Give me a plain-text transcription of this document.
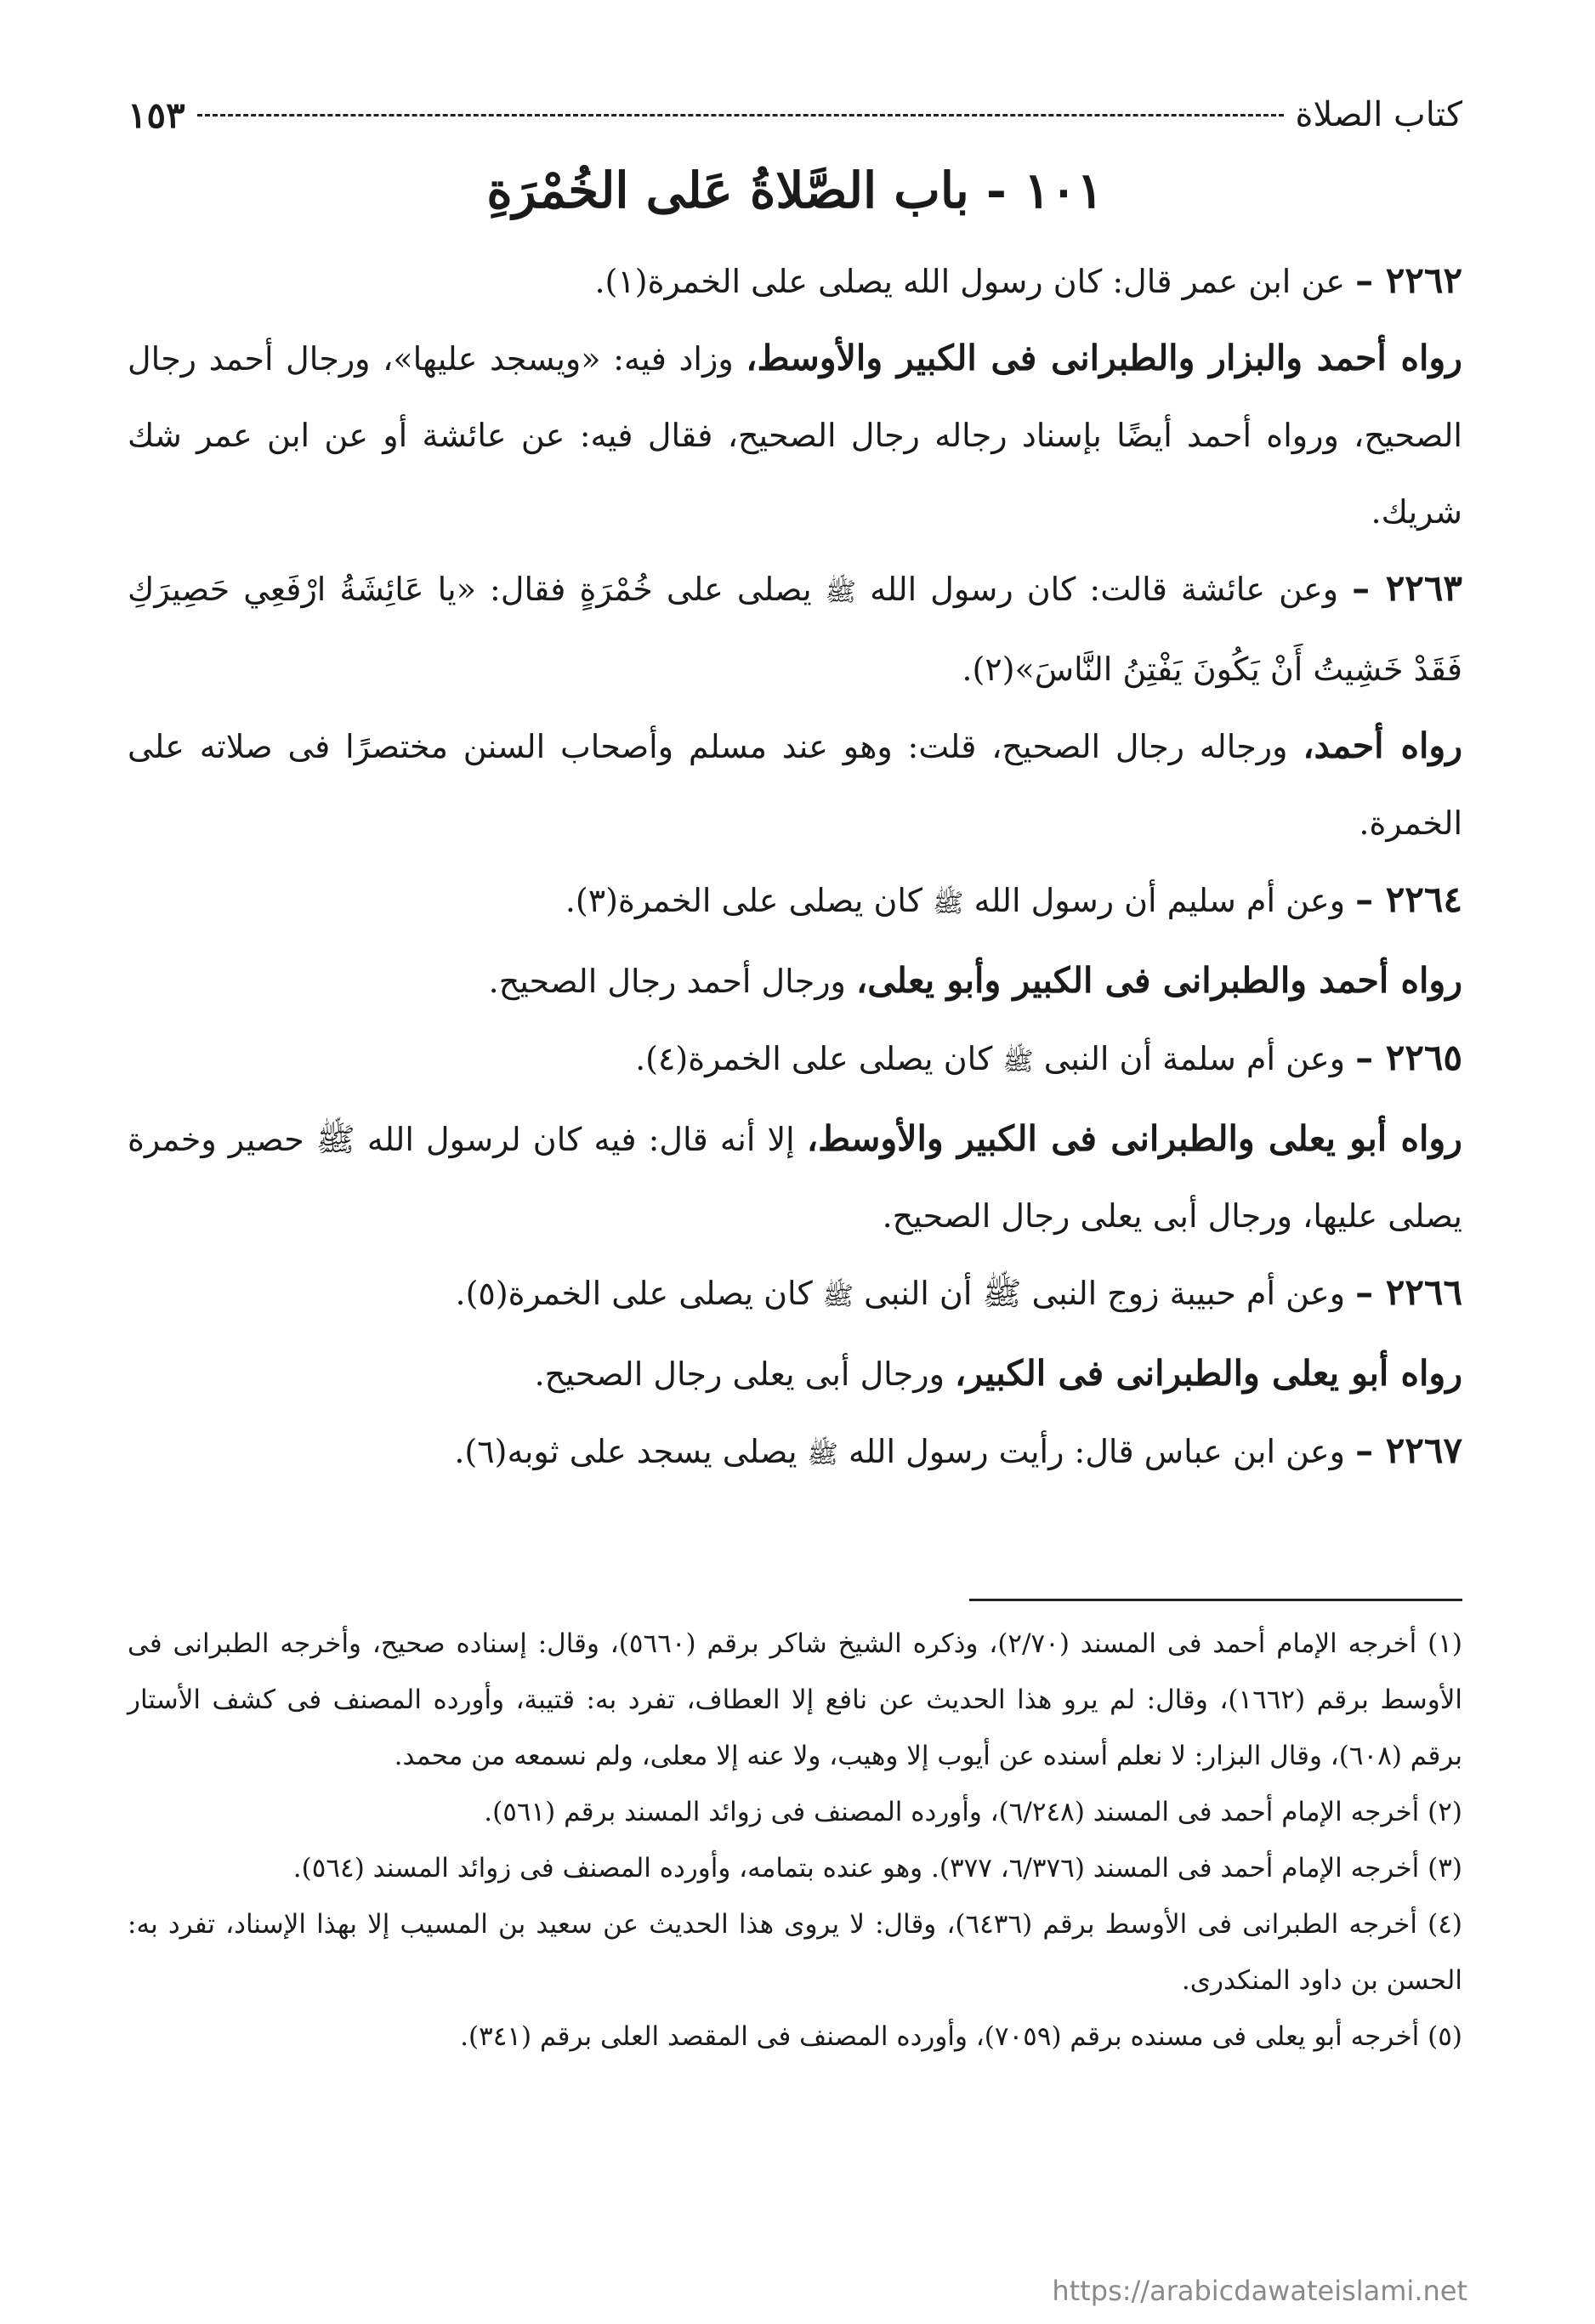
كتاب الصلاة
١٥٣
١٠١ - باب الصَّلاةُ عَلى الخُمْرَةِ

٢٢٦٢ – عن ابن عمر قال: كان رسول الله يصلى على الخمرة(١).

رواه أحمد والبزار والطبرانى فى الكبير والأوسط، وزاد فيه: «ويسجد عليها»، ورجال أحمد رجال الصحيح، ورواه أحمد أيضًا بإسناد رجاله رجال الصحيح، فقال فيه: عن عائشة أو عن ابن عمر شك شريك.

٢٢٦٣ – وعن عائشة قالت: كان رسول الله ﷺ يصلى على خُمْرَةٍ فقال: «يا عَائِشَةُ ارْفَعِي حَصِيرَكِ فَقَدْ خَشِيتُ أَنْ يَكُونَ يَفْتِنُ النَّاسَ»(٢).

رواه أحمد، ورجاله رجال الصحيح، قلت: وهو عند مسلم وأصحاب السنن مختصرًا فى صلاته على الخمرة.

٢٢٦٤ – وعن أم سليم أن رسول الله ﷺ كان يصلى على الخمرة(٣).

رواه أحمد والطبرانى فى الكبير وأبو يعلى، ورجال أحمد رجال الصحيح.

٢٢٦٥ – وعن أم سلمة أن النبى ﷺ كان يصلى على الخمرة(٤).

رواه أبو يعلى والطبرانى فى الكبير والأوسط، إلا أنه قال: فيه كان لرسول الله ﷺ حصير وخمرة يصلى عليها، ورجال أبى يعلى رجال الصحيح.

٢٢٦٦ – وعن أم حبيبة زوج النبى ﷺ أن النبى ﷺ كان يصلى على الخمرة(٥).

رواه أبو يعلى والطبرانى فى الكبير، ورجال أبى يعلى رجال الصحيح.

٢٢٦٧ – وعن ابن عباس قال: رأيت رسول الله ﷺ يصلى يسجد على ثوبه(٦).

(١) أخرجه الإمام أحمد فى المسند (٢/٧٠)، وذكره الشيخ شاكر برقم (٥٦٦٠)، وقال: إسناده صحيح، وأخرجه الطبرانى فى الأوسط برقم (١٦٦٢)، وقال: لم يرو هذا الحديث عن نافع إلا العطاف، تفرد به: قتيبة، وأورده المصنف فى كشف الأستار برقم (٦٠٨)، وقال البزار: لا نعلم أسنده عن أيوب إلا وهيب، ولا عنه إلا معلى، ولم نسمعه من محمد.

(٢) أخرجه الإمام أحمد فى المسند (٦/٢٤٨)، وأورده المصنف فى زوائد المسند برقم (٥٦١).

(٣) أخرجه الإمام أحمد فى المسند (٦/٣٧٦، ٣٧٧). وهو عنده بتمامه، وأورده المصنف فى زوائد المسند (٥٦٤).

(٤) أخرجه الطبرانى فى الأوسط برقم (٦٤٣٦)، وقال: لا يروى هذا الحديث عن سعيد بن المسيب إلا بهذا الإسناد، تفرد به: الحسن بن داود المنكدرى.

(٥) أخرجه أبو يعلى فى مسنده برقم (٧٠٥٩)، وأورده المصنف فى المقصد العلى برقم (٣٤١).

https://arabicdawateislami.net
